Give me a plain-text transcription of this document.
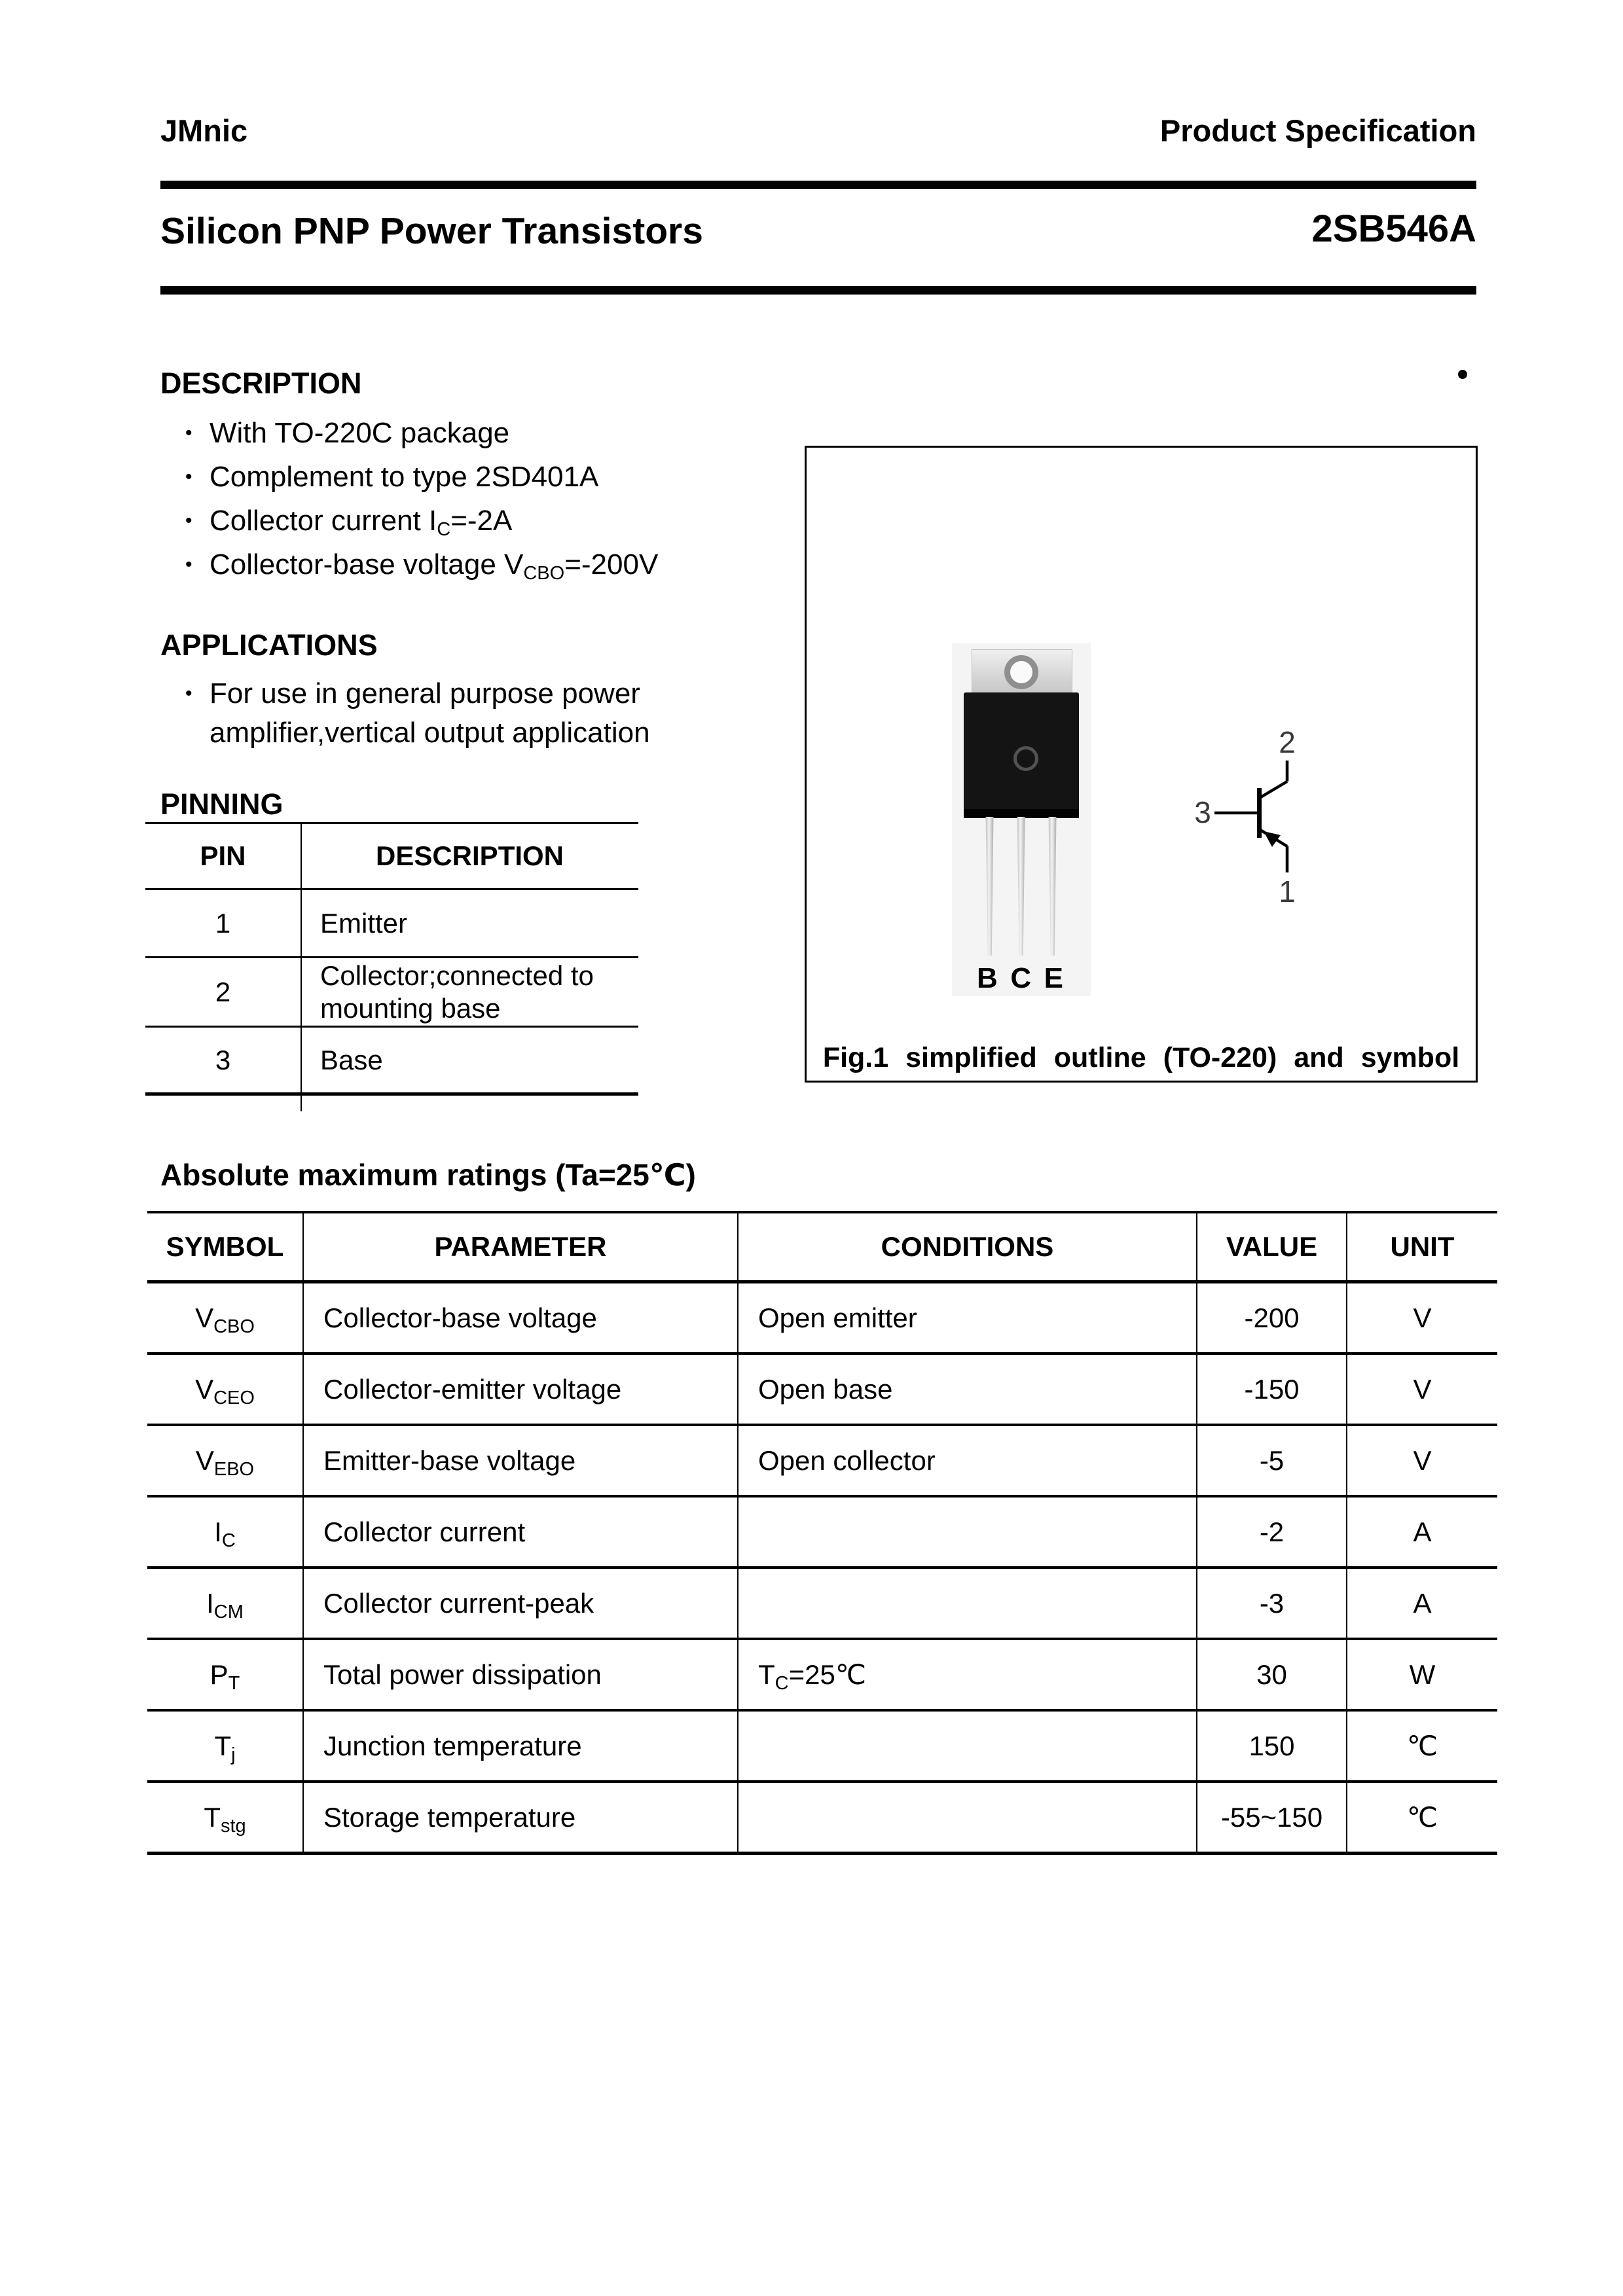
JMnic	Product Specification
Silicon PNP Power Transistors	2SB546A
DESCRIPTION
• With TO-220C package
• Complement to type 2SD401A
• Collector current $I_C=-2A$
• Collector-base voltage $V_{CBO}=-200V$
APPLICATIONS
• For use in general purpose power
amplifier,vertical output application
PINNING
PIN	DESCRIPTION
1	Emitter
2	Collector;connected to mounting base
3	Base
B C E
2
3
1
Fig.1 simplified outline (TO-220) and symbol
Absolute maximum ratings (Ta=25℃)
SYMBOL	PARAMETER	CONDITIONS	VALUE	UNIT
$V_{CBO}$	Collector-base voltage	Open emitter	-200	V
$V_{CEO}$	Collector-emitter voltage	Open base	-150	V
$V_{EBO}$	Emitter-base voltage	Open collector	-5	V
$I_C$	Collector current		-2	A
$I_{CM}$	Collector current-peak		-3	A
$P_T$	Total power dissipation	$T_C=25℃$	30	W
$T_j$	Junction temperature		150	℃
$T_{stg}$	Storage temperature		-55~150	℃
